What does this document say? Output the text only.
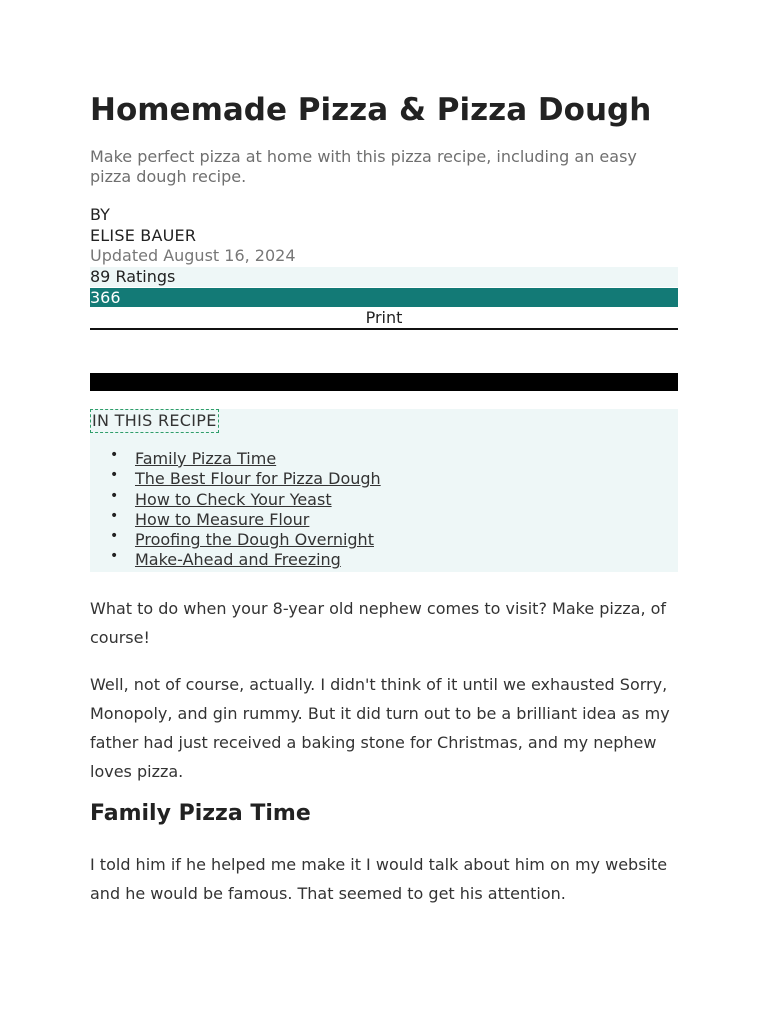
Homemade Pizza & Pizza Dough

Make perfect pizza at home with this pizza recipe, including an easy pizza dough recipe.

BY
ELISE BAUER
Updated August 16, 2024
89 Ratings
366
Print
IN THIS RECIPE
• Family Pizza Time
• The Best Flour for Pizza Dough
• How to Check Your Yeast
• How to Measure Flour
• Proofing the Dough Overnight
• Make-Ahead and Freezing

What to do when your 8-year old nephew comes to visit? Make pizza, of course!

Well, not of course, actually. I didn't think of it until we exhausted Sorry, Monopoly, and gin rummy. But it did turn out to be a brilliant idea as my father had just received a baking stone for Christmas, and my nephew loves pizza.

Family Pizza Time

I told him if he helped me make it I would talk about him on my website and he would be famous. That seemed to get his attention.
